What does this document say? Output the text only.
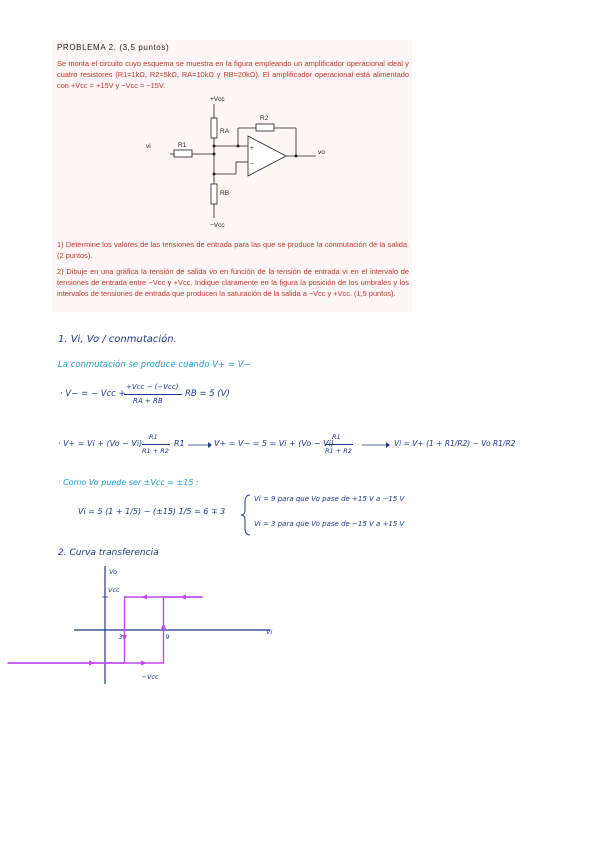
PROBLEMA 2. (3,5 puntos)
Se monta el circuito cuyo esquema se muestra en la figura empleando un amplificador operacional ideal y cuatro resistores (R1=1kΩ, R2=5kΩ, RA=10kΩ y RB=20kΩ). El amplificador operacional está alimentado con +Vcc = +15V y −Vcc = −15V.
+Vcc
−Vcc
RA
RB
R1
R2
vi
vo
+
−
1) Determine los valores de las tensiones de entrada para las que se produce la conmutación de la salida. (2 puntos).
2) Dibuje en una gráfica la tensión de salida vo en función de la tensión de entrada vi en el intervalo de tensiones de entrada entre −Vcc y +Vcc. Indique claramente en la figura la posición de los umbrales y los intervalos de tensiones de entrada que producen la saturación de la salida a −Vcc y +Vcc. (1,5 puntos).
1. Vi, Vo / conmutación.
La conmutación se produce cuando V+ = V−
· V− = − Vcc +
+Vcc − (−Vcc)
RA + RB
RB = 5 (V)
· V+ = Vi + (Vo − Vi)
R1
R1 + R2
R1	V+ = V− = 5 = Vi + (Vo − Vi)
R1
R1 + R2
Vi = V+ (1 + R1/R2) − Vo R1/R2
· Como Vo puede ser ±Vcc = ±15 :
Vi = 5 (1 + 1/5) − (±15) 1/5 = 6 ∓ 3
Vi = 9 para que Vo pase de +15 V a −15 V
Vi = 3 para que Vo pase de −15 V a +15 V
2. Curva transferencia
Vo
Vcc
3	9
Vi
−Vcc
